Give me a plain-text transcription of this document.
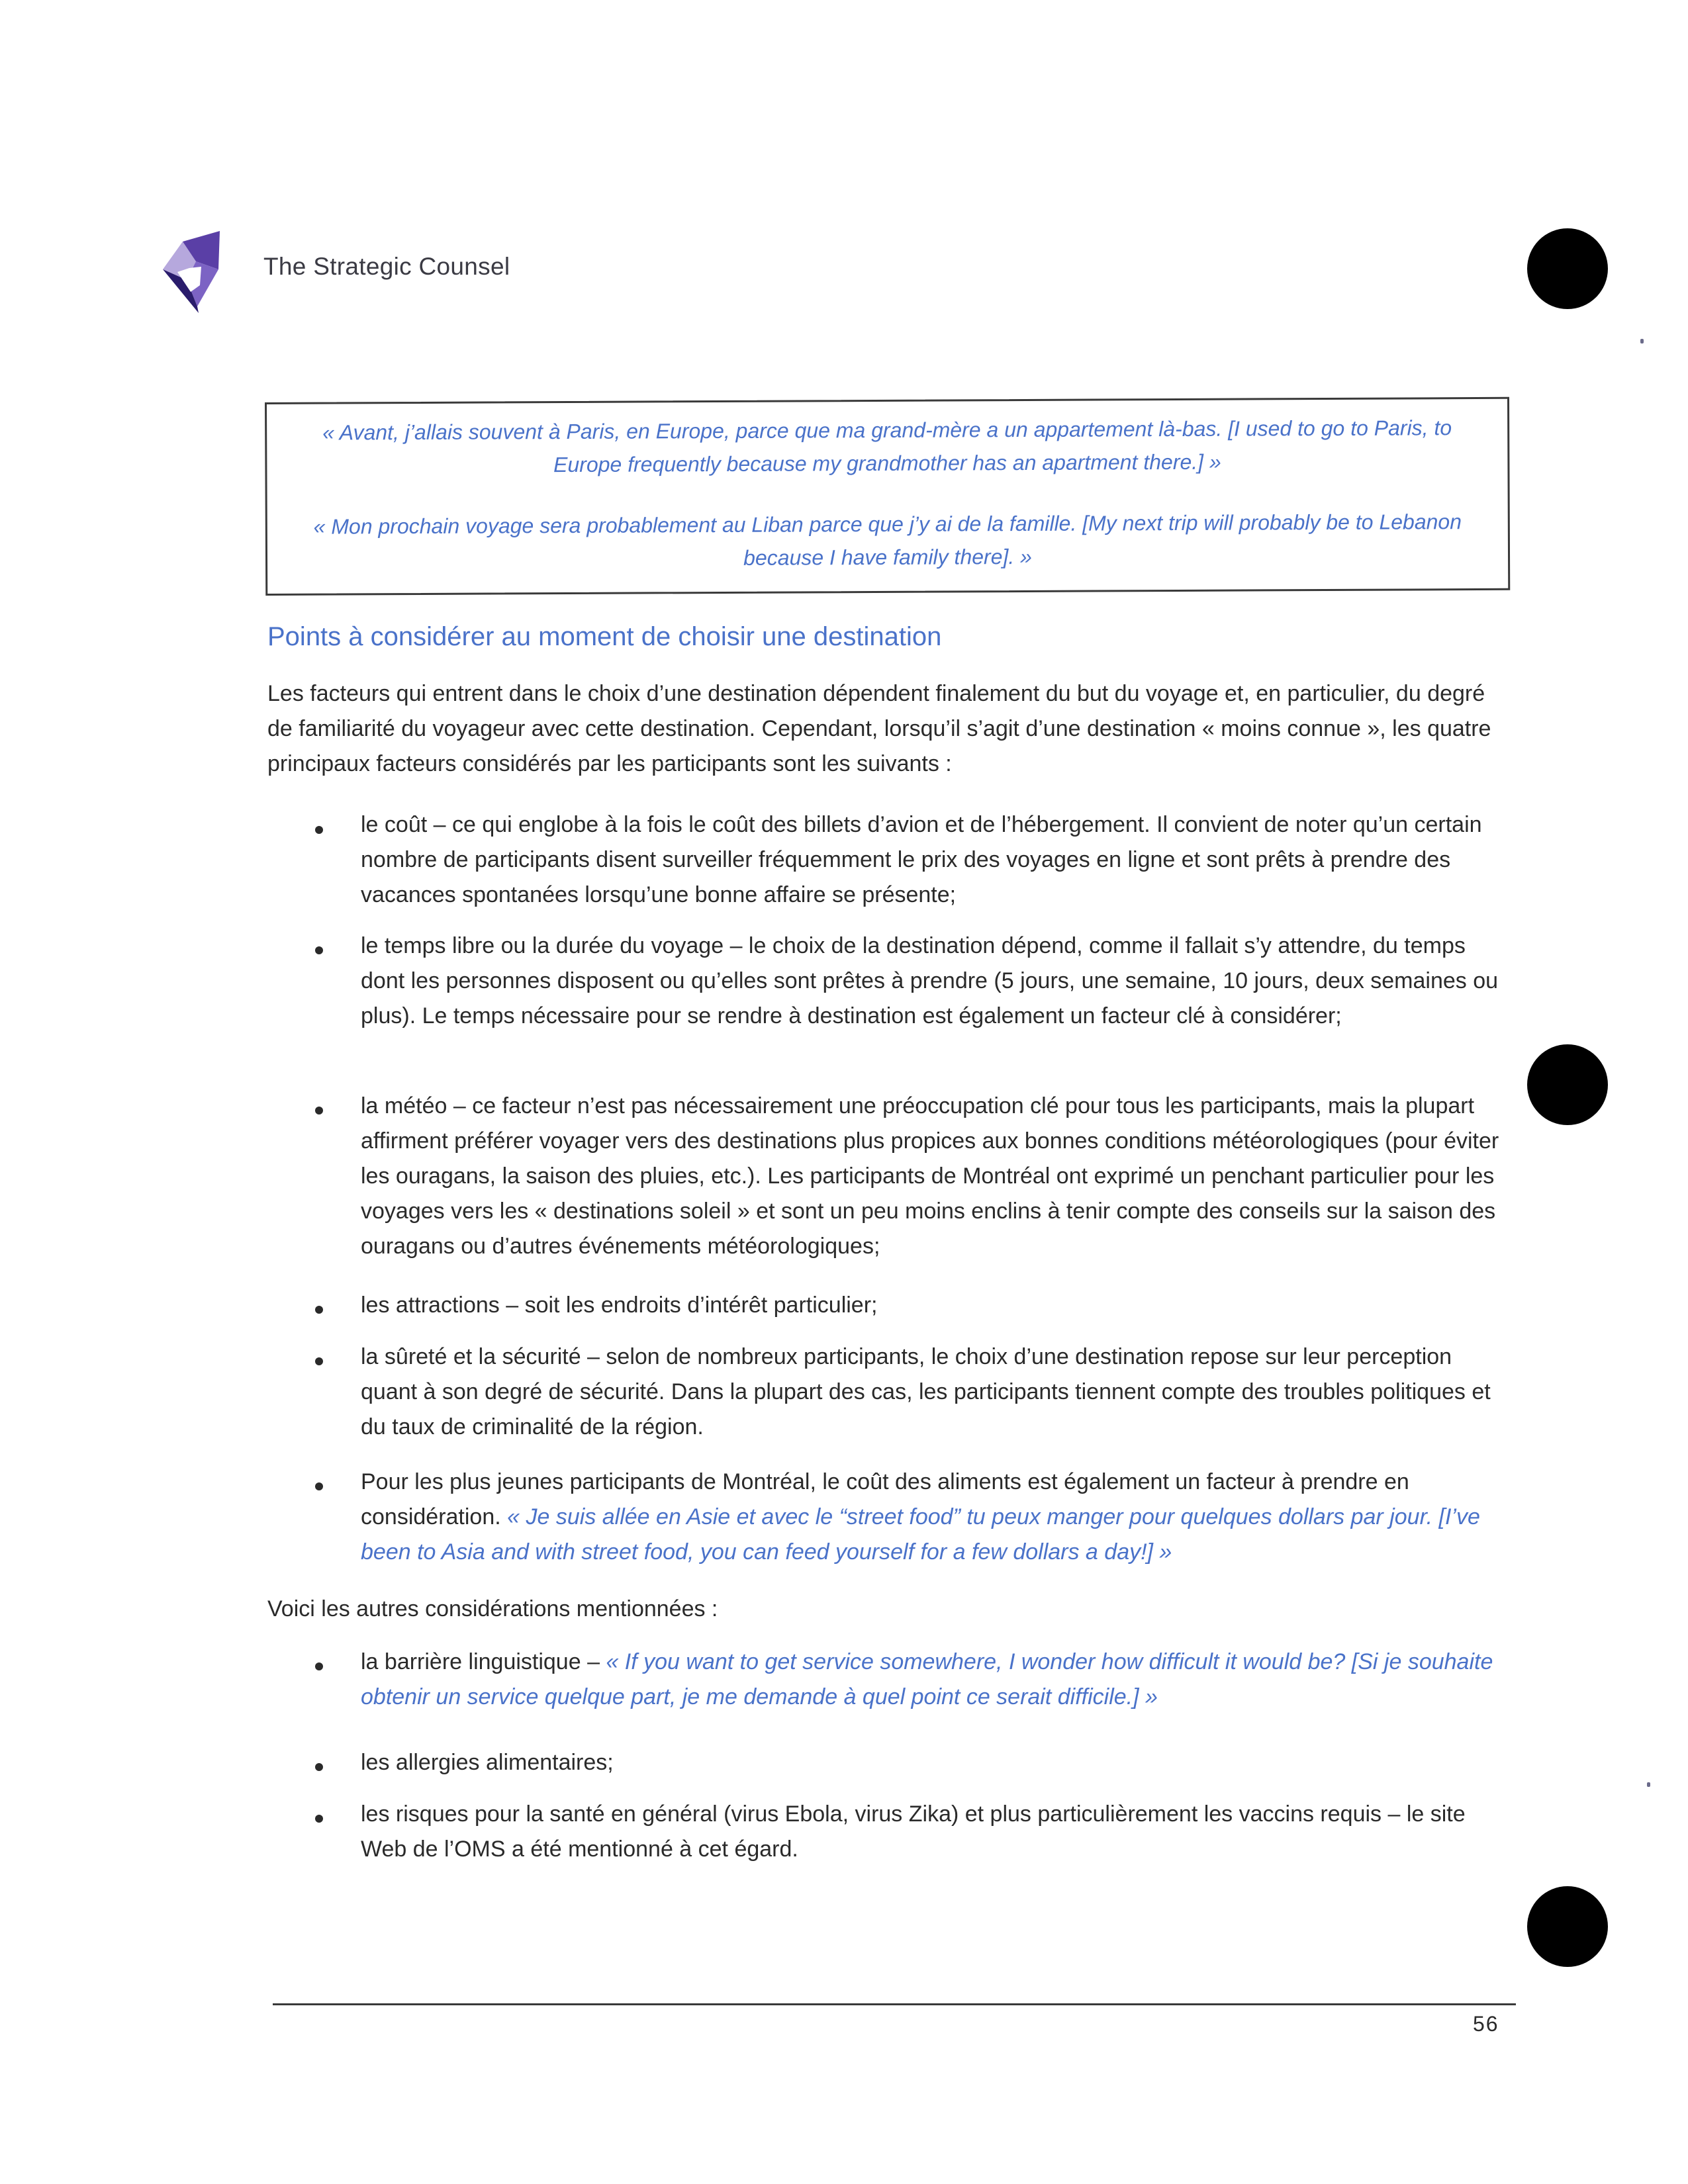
The Strategic Counsel
« Avant, j’allais souvent à Paris, en Europe, parce que ma grand-mère a un appartement là-bas. [I used to go to Paris, to Europe frequently because my grandmother has an apartment there.] »
« Mon prochain voyage sera probablement au Liban parce que j’y ai de la famille. [My next trip will probably be to Lebanon because I have family there]. »
Points à considérer au moment de choisir une destination

Les facteurs qui entrent dans le choix d’une destination dépendent finalement du but du voyage et, en particulier, du degré de familiarité du voyageur avec cette destination. Cependant, lorsqu’il s’agit d’une destination « moins connue », les quatre principaux facteurs considérés par les participants sont les suivants :

le coût – ce qui englobe à la fois le coût des billets d’avion et de l’hébergement. Il convient de noter qu’un certain nombre de participants disent surveiller fréquemment le prix des voyages en ligne et sont prêts à prendre des vacances spontanées lorsqu’une bonne affaire se présente;
le temps libre ou la durée du voyage – le choix de la destination dépend, comme il fallait s’y attendre, du temps dont les personnes disposent ou qu’elles sont prêtes à prendre (5 jours, une semaine, 10 jours, deux semaines ou plus). Le temps nécessaire pour se rendre à destination est également un facteur clé à considérer;
la météo – ce facteur n’est pas nécessairement une préoccupation clé pour tous les participants, mais la plupart affirment préférer voyager vers des destinations plus propices aux bonnes conditions météorologiques (pour éviter les ouragans, la saison des pluies, etc.). Les participants de Montréal ont exprimé un penchant particulier pour les voyages vers les « destinations soleil » et sont un peu moins enclins à tenir compte des conseils sur la saison des ouragans ou d’autres événements météorologiques;
les attractions – soit les endroits d’intérêt particulier;
la sûreté et la sécurité – selon de nombreux participants, le choix d’une destination repose sur leur perception quant à son degré de sécurité. Dans la plupart des cas, les participants tiennent compte des troubles politiques et du taux de criminalité de la région.
Pour les plus jeunes participants de Montréal, le coût des aliments est également un facteur à prendre en considération. « Je suis allée en Asie et avec le “street food” tu peux manger pour quelques dollars par jour. [I’ve been to Asia and with street food, you can feed yourself for a few dollars a day!] »

Voici les autres considérations mentionnées :

la barrière linguistique – « If you want to get service somewhere, I wonder how difficult it would be? [Si je souhaite obtenir un service quelque part, je me demande à quel point ce serait difficile.] »
les allergies alimentaires;
les risques pour la santé en général (virus Ebola, virus Zika) et plus particulièrement les vaccins requis – le site Web de l’OMS a été mentionné à cet égard.
56
